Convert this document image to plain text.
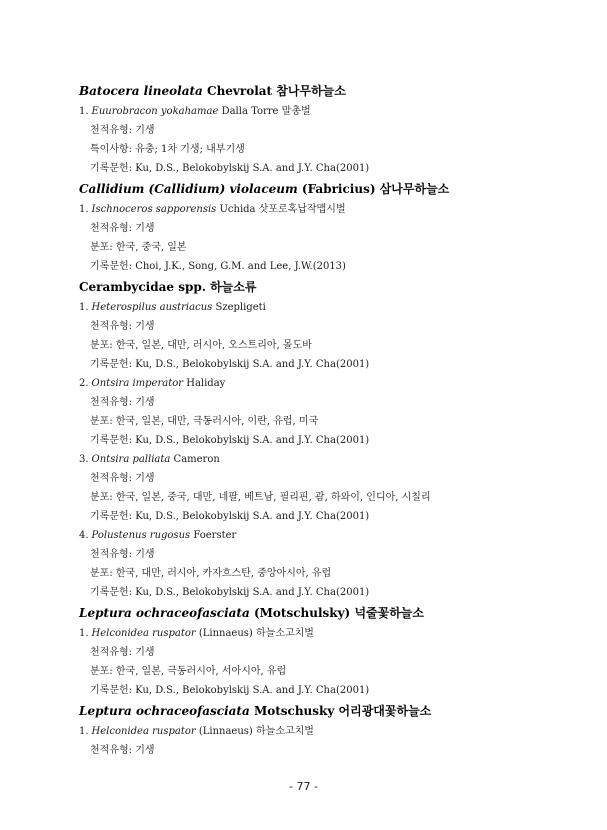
Batocera lineolata Chevrolat 참나무하늘소
1. Euurobracon yokahamae Dalla Torre 말총벌
천적유형: 기생
특이사항: 유충; 1차 기생; 내부기생
기록문헌: Ku, D.S., Belokobylskij S.A. and J.Y. Cha(2001)
Callidium (Callidium) violaceum (Fabricius) 삼나무하늘소
1. Ischnoceros sapporensis Uchida 삿포로혹납작맵시벌
천적유형: 기생
분포: 한국, 중국, 일본
기록문헌: Choi, J.K., Song, G.M. and Lee, J.W.(2013)
Cerambycidae spp. 하늘소류
1. Heterospilus austriacus Szepligeti
천적유형: 기생
분포: 한국, 일본, 대만, 러시아, 오스트리아, 몰도바
기록문헌: Ku, D.S., Belokobylskij S.A. and J.Y. Cha(2001)
2. Ontsira imperator Haliday
천적유형: 기생
분포: 한국, 일본, 대만, 극동러시아, 이란, 유럽, 미국
기록문헌: Ku, D.S., Belokobylskij S.A. and J.Y. Cha(2001)
3. Ontsira palliata Cameron
천적유형: 기생
분포: 한국, 일본, 중국, 대만, 네팔, 베트남, 필리핀, 괌, 하와이, 인디아, 시칠리
기록문헌: Ku, D.S., Belokobylskij S.A. and J.Y. Cha(2001)
4. Polustenus rugosus Foerster
천적유형: 기생
분포: 한국, 대만, 러시아, 카자흐스탄, 중앙아시아, 유럽
기록문헌: Ku, D.S., Belokobylskij S.A. and J.Y. Cha(2001)
Leptura ochraceofasciata (Motschulsky) 넉줄꽃하늘소
1. Helconidea ruspator (Linnaeus) 하늘소고치벌
천적유형: 기생
분포: 한국, 일본, 극동러시아, 서아시아, 유럽
기록문헌: Ku, D.S., Belokobylskij S.A. and J.Y. Cha(2001)
Leptura ochraceofasciata Motschusky 어리광대꽃하늘소
1. Helconidea ruspator (Linnaeus) 하늘소고치벌
천적유형: 기생
- 77 -
